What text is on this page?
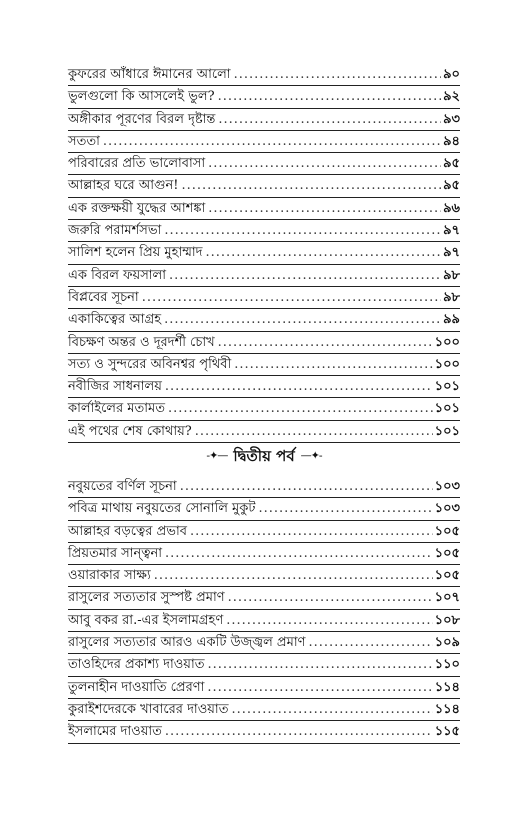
কুফরের আঁধারে ঈমানের আলো .....	৯০
ভুলগুলো কি আসলেই ভুল? .....	৯২
অঙ্গীকার পূরণের বিরল দৃষ্টান্ত .....	৯৩
সততা .....	৯৪
পরিবারের প্রতি ভালোবাসা .....	৯৫
আল্লাহর ঘরে আগুন! .....	৯৫
এক রক্তক্ষয়ী যুদ্ধের আশঙ্কা .....	৯৬
জরুরি পরামর্শসভা .....	৯৭
সালিশ হলেন প্রিয় মুহাম্মাদ .....	৯৭
এক বিরল ফয়সালা .....	৯৮
বিপ্লবের সূচনা .....	৯৮
একাকিত্বের আগ্রহ .....	৯৯
বিচক্ষণ অন্তর ও দূরদর্শী চোখ .....	১০০
সত্য ও সুন্দরের অবিনশ্বর পৃথিবী .....	১০০
নবীজির সাধনালয় .....	১০১
কার্লাইলের মতামত .....	১০১
এই পথের শেষ কোথায়? .....	১০১
-✦— দ্বিতীয় পর্ব —✦-
নবুয়তের বর্ণিল সূচনা .....	১০৩
পবিত্র মাথায় নবুয়তের সোনালি মুকুট .....	১০৩
আল্লাহর বড়ত্বের প্রভাব .....	১০৫
প্রিয়তমার সান্ত্বনা .....	১০৫
ওয়ারাকার সাক্ষ্য .....	১০৫
রাসুলের সত্যতার সুস্পষ্ট প্রমাণ .....	১০৭
আবু বকর রা.-এর ইসলামগ্রহণ .....	১০৮
রাসুলের সত্যতার আরও একটি উজ্জ্বল প্রমাণ .....	১০৯
তাওহিদের প্রকাশ্য দাওয়াত .....	১১০
তুলনাহীন দাওয়াতি প্রেরণা .....	১১৪
কুরাইশদেরকে খাবারের দাওয়াত .....	১১৪
ইসলামের দাওয়াত .....	১১৫
